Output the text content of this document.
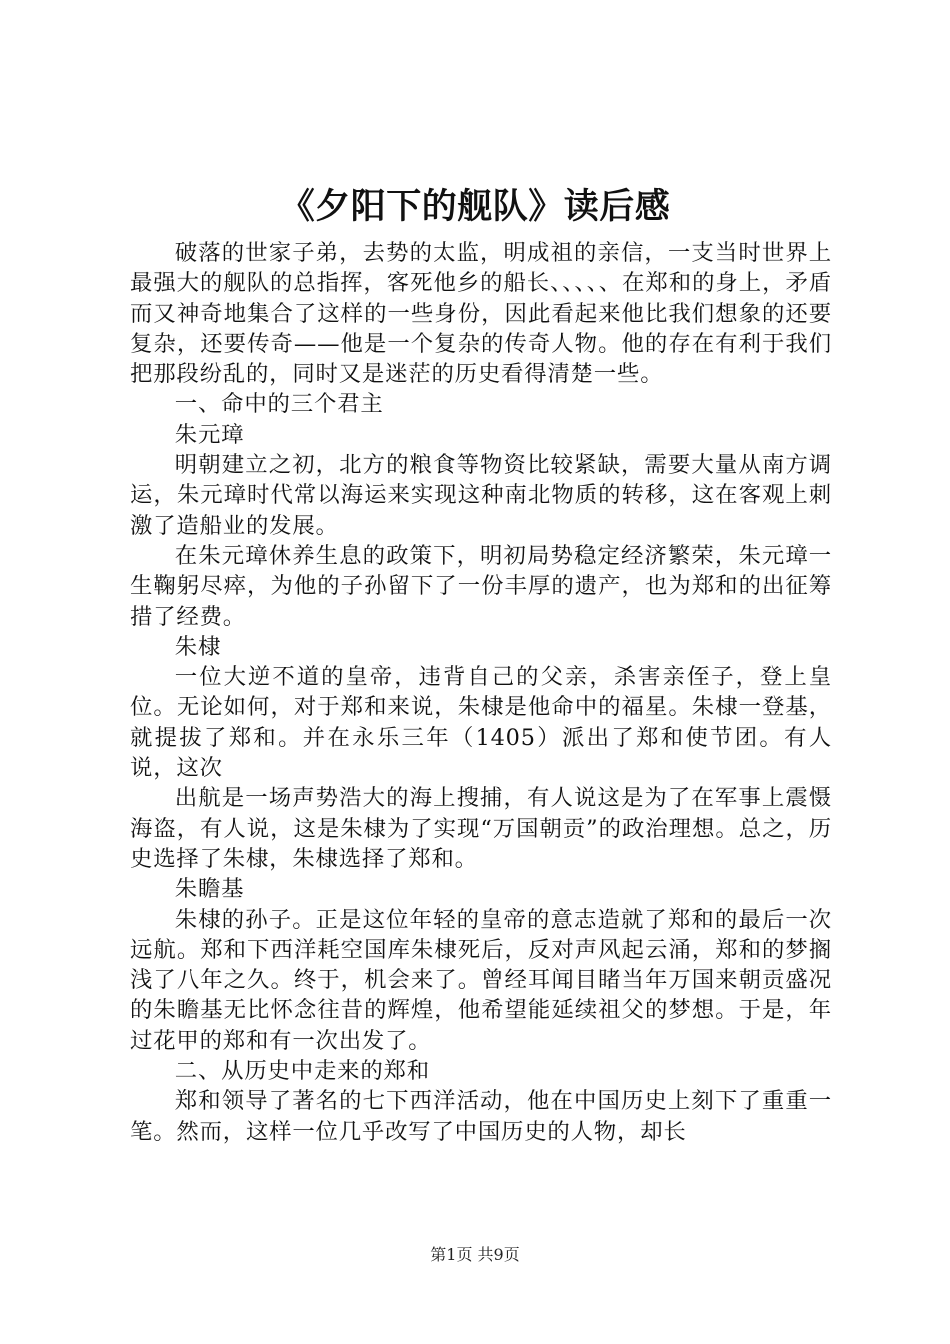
《夕阳下的舰队》读后感

破落的世家子弟，去势的太监，明成祖的亲信，一支当时世界上最强大的舰队的总指挥，客死他乡的船长、、、、、在郑和的身上，矛盾而又神奇地集合了这样的一些身份，因此看起来他比我们想象的还要复杂，还要传奇——他是一个复杂的传奇人物。他的存在有利于我们把那段纷乱的，同时又是迷茫的历史看得清楚一些。

一、命中的三个君主

朱元璋

明朝建立之初，北方的粮食等物资比较紧缺，需要大量从南方调运，朱元璋时代常以海运来实现这种南北物质的转移，这在客观上刺激了造船业的发展。

在朱元璋休养生息的政策下，明初局势稳定经济繁荣，朱元璋一生鞠躬尽瘁，为他的子孙留下了一份丰厚的遗产，也为郑和的出征筹措了经费。

朱棣

一位大逆不道的皇帝，违背自己的父亲，杀害亲侄子，登上皇位。无论如何，对于郑和来说，朱棣是他命中的福星。朱棣一登基，就提拔了郑和。并在永乐三年（1405）派出了郑和使节团。有人说，这次

出航是一场声势浩大的海上搜捕，有人说这是为了在军事上震慑海盗，有人说，这是朱棣为了实现“万国朝贡”的政治理想。总之，历史选择了朱棣，朱棣选择了郑和。

朱瞻基

朱棣的孙子。正是这位年轻的皇帝的意志造就了郑和的最后一次远航。郑和下西洋耗空国库朱棣死后，反对声风起云涌，郑和的梦搁浅了八年之久。终于，机会来了。曾经耳闻目睹当年万国来朝贡盛况的朱瞻基无比怀念往昔的辉煌，他希望能延续祖父的梦想。于是，年过花甲的郑和有一次出发了。

二、从历史中走来的郑和

郑和领导了著名的七下西洋活动，他在中国历史上刻下了重重一笔。然而，这样一位几乎改写了中国历史的人物，却长

第1页 共9页
